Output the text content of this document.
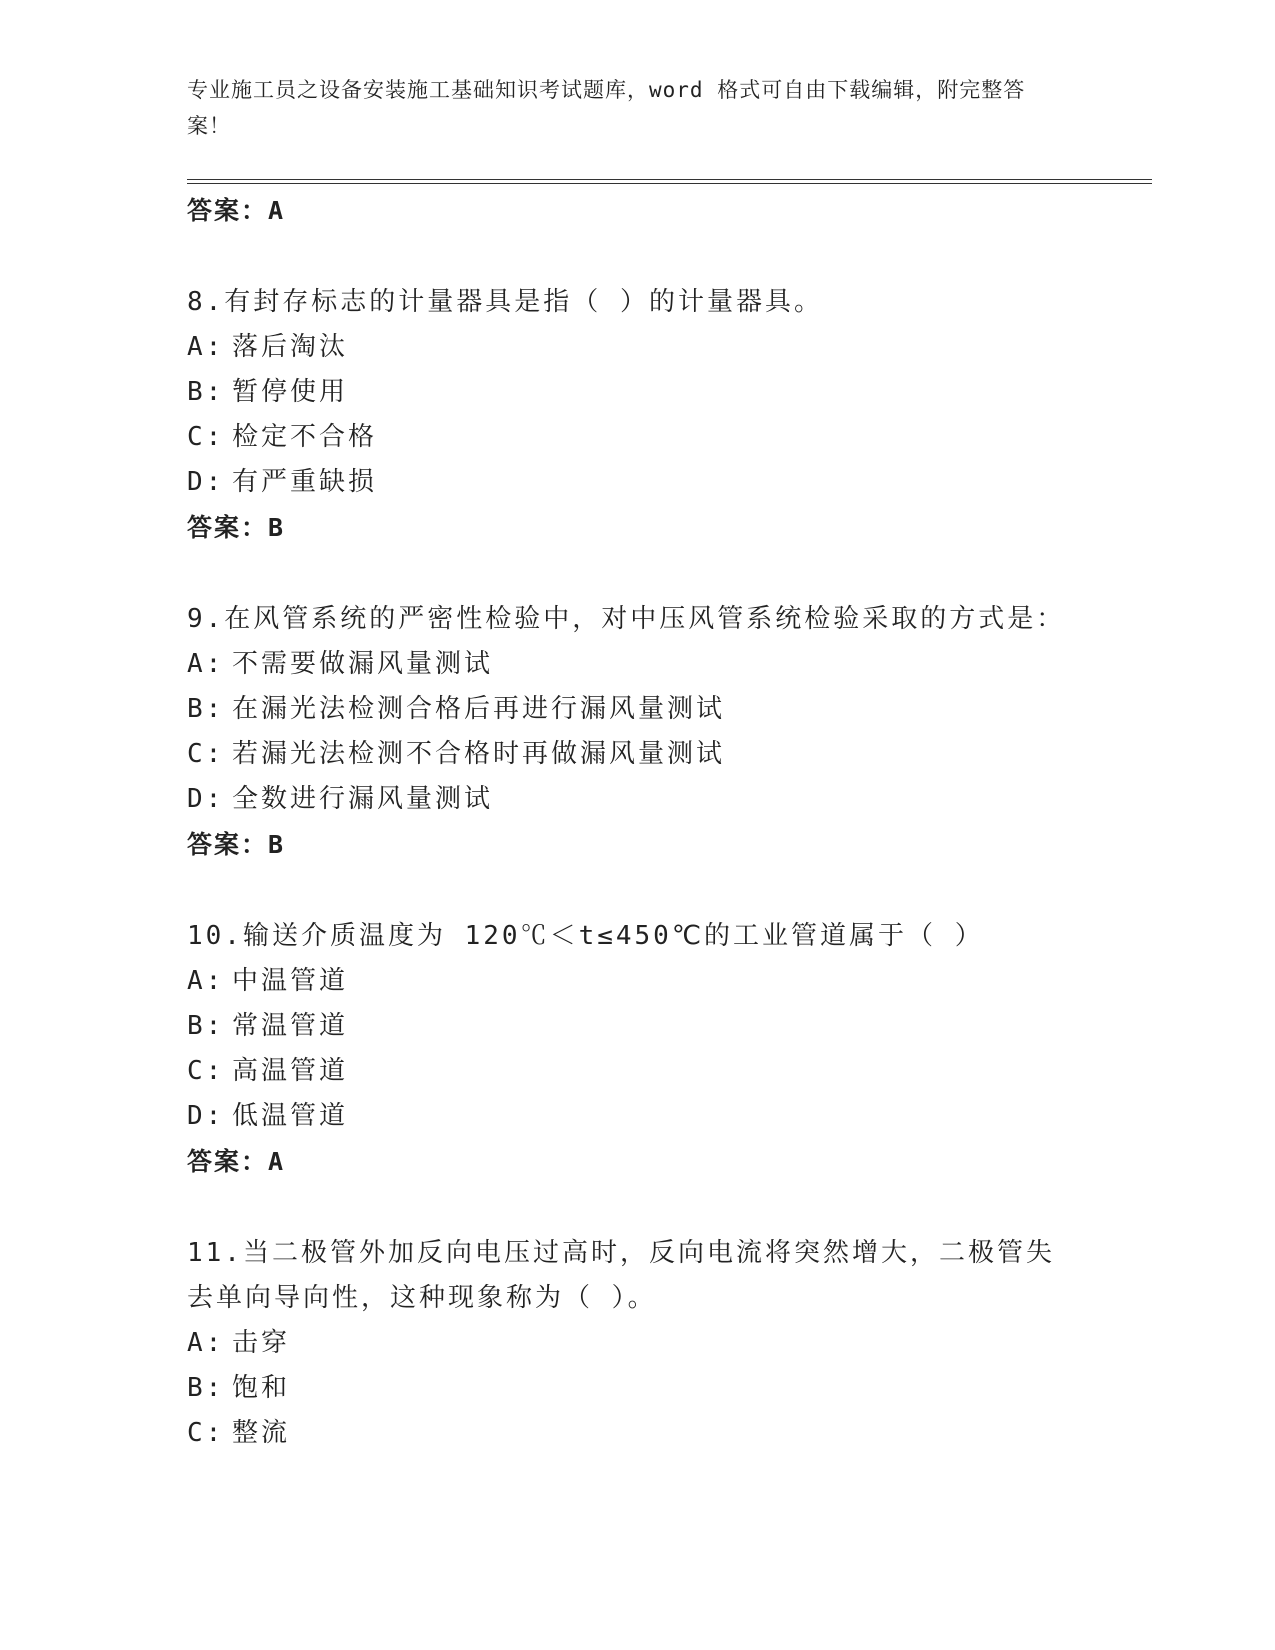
专业施工员之设备安装施工基础知识考试题库，word 格式可自由下载编辑，附完整答案！
答案：A
8.有封存标志的计量器具是指（ ）的计量器具。
A: 落后淘汰
B: 暂停使用
C: 检定不合格
D: 有严重缺损
答案：B
9.在风管系统的严密性检验中，对中压风管系统检验采取的方式是：
A: 不需要做漏风量测试
B: 在漏光法检测合格后再进行漏风量测试
C: 若漏光法检测不合格时再做漏风量测试
D: 全数进行漏风量测试
答案：B
10.输送介质温度为 120℃＜t≤450℃的工业管道属于（ ）
A: 中温管道
B: 常温管道
C: 高温管道
D: 低温管道
答案：A
11.当二极管外加反向电压过高时，反向电流将突然增大，二极管失去单向导向性，这种现象称为（ ）。
A: 击穿
B: 饱和
C: 整流
